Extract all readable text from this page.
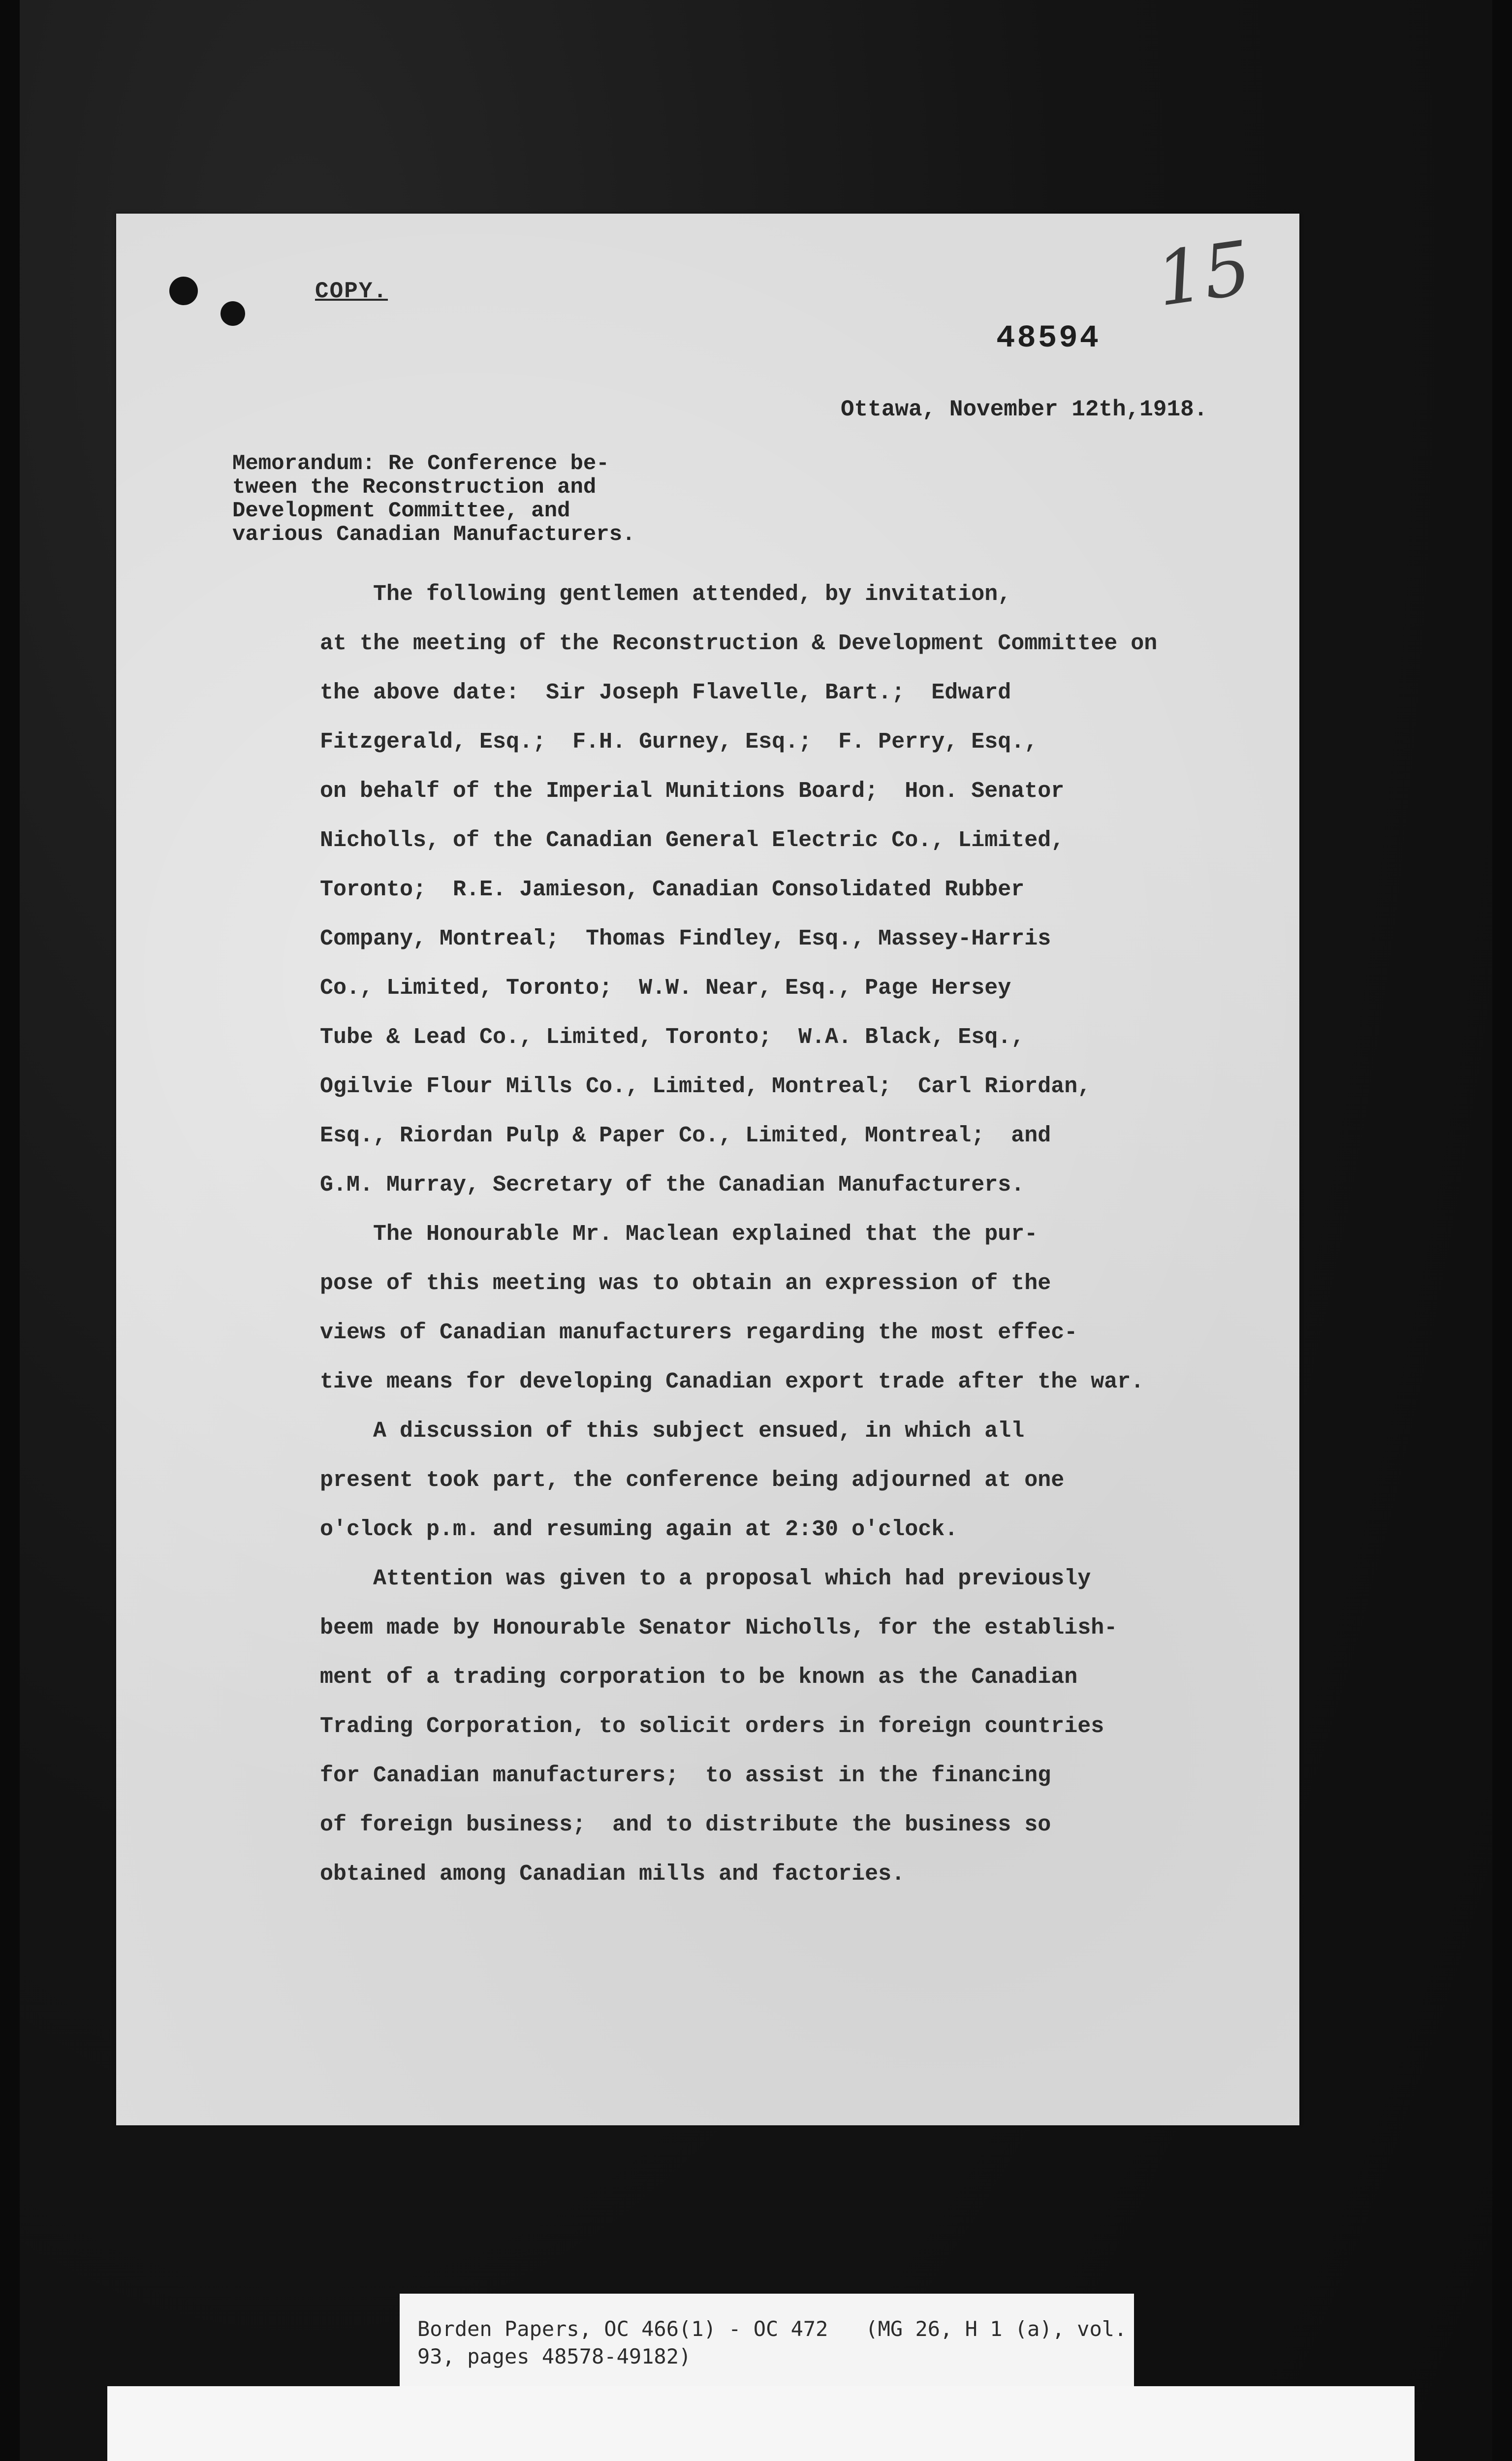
COPY.	15
48594
Ottawa, November 12th,1918.
Memorandum: Re Conference be-
tween the Reconstruction and
Development Committee, and
various Canadian Manufacturers.

The following gentlemen attended, by invitation,

at the meeting of the Reconstruction & Development Committee on

the above date:  Sir Joseph Flavelle, Bart.;  Edward

Fitzgerald, Esq.;  F.H. Gurney, Esq.;  F. Perry, Esq.,

on behalf of the Imperial Munitions Board;  Hon. Senator

Nicholls, of the Canadian General Electric Co., Limited,

Toronto;  R.E. Jamieson, Canadian Consolidated Rubber

Company, Montreal;  Thomas Findley, Esq., Massey-Harris

Co., Limited, Toronto;  W.W. Near, Esq., Page Hersey

Tube & Lead Co., Limited, Toronto;  W.A. Black, Esq.,

Ogilvie Flour Mills Co., Limited, Montreal;  Carl Riordan,

Esq., Riordan Pulp & Paper Co., Limited, Montreal;  and

G.M. Murray, Secretary of the Canadian Manufacturers.

The Honourable Mr. Maclean explained that the pur-

pose of this meeting was to obtain an expression of the

views of Canadian manufacturers regarding the most effec-

tive means for developing Canadian export trade after the war.

A discussion of this subject ensued, in which all

present took part, the conference being adjourned at one

o'clock p.m. and resuming again at 2:30 o'clock.

Attention was given to a proposal which had previously

beem made by Honourable Senator Nicholls, for the establish-

ment of a trading corporation to be known as the Canadian

Trading Corporation, to solicit orders in foreign countries

for Canadian manufacturers;  to assist in the financing

of foreign business;  and to distribute the business so

obtained among Canadian mills and factories.

Borden Papers, OC 466(1) - OC 472   (MG 26, H 1 (a), vol.
93, pages 48578-49182)
